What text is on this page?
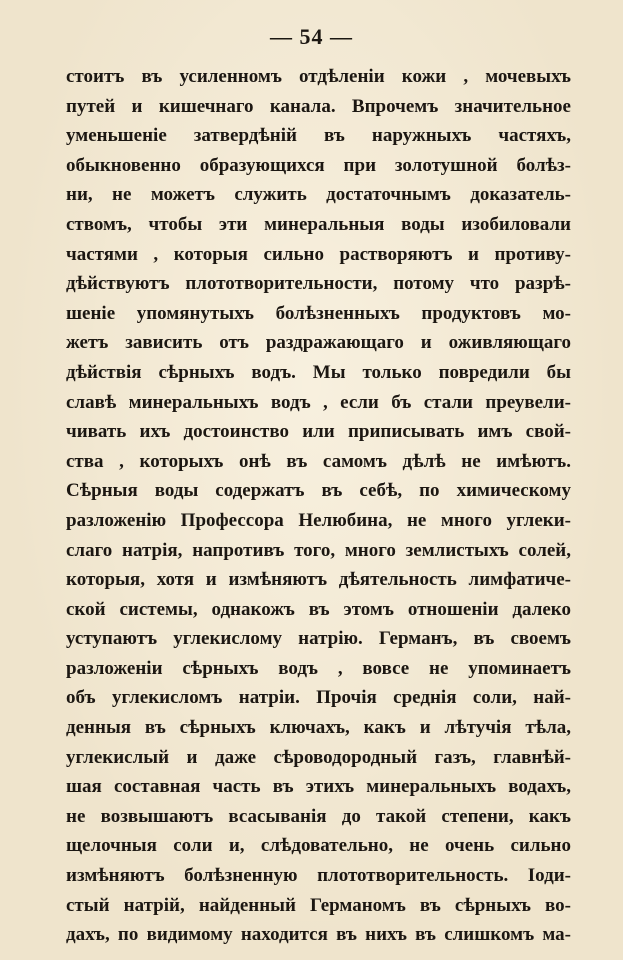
— 54 —
стоитъ въ усиленномъ отдѣленіи кожи , мочевыхъ
путей и кишечнаго канала. Впрочемъ значительное
уменьшеніе затвердѣній въ наружныхъ частяхъ,
обыкновенно образующихся при золотушной болѣз-
ни, не можетъ служить достаточнымъ доказатель-
ствомъ, чтобы эти минеральныя воды изобиловали
частями , которыя сильно растворяютъ и противу-
дѣйствуютъ плототворительности, потому что разрѣ-
шеніе упомянутыхъ болѣзненныхъ продуктовъ мо-
жетъ зависить отъ раздражающаго и оживляющаго
дѣйствія сѣрныхъ водъ. Мы только повредили бы
славѣ минеральныхъ водъ , если бъ стали преувели-
чивать ихъ достоинство или приписывать имъ свой-
ства , которыхъ онѣ въ самомъ дѣлѣ не имѣютъ.
Сѣрныя воды содержатъ въ себѣ, по химическому
разложенію Профессора Нелюбина, не много углеки-
слаго натрія, напротивъ того, много землистыхъ солей,
которыя, хотя и измѣняютъ дѣятельность лимфатиче-
ской системы, однакожъ въ этомъ отношеніи далеко
уступаютъ углекислому натрію. Германъ, въ своемъ
разложеніи сѣрныхъ водъ , вовсе не упоминаетъ
объ углекисломъ натріи. Прочія среднія соли, най-
денныя въ сѣрныхъ ключахъ, какъ и лѣтучія тѣла,
углекислый и даже сѣроводородный газъ, главнѣй-
шая составная часть въ этихъ минеральныхъ водахъ,
не возвышаютъ всасыванія до такой степени, какъ
щелочныя соли и, слѣдовательно, не очень сильно
измѣняютъ болѣзненную плототворительность. Іоди-
стый натрій, найденный Германомъ въ сѣрныхъ во-
дахъ, по видимому находится въ нихъ въ слишкомъ ма-
